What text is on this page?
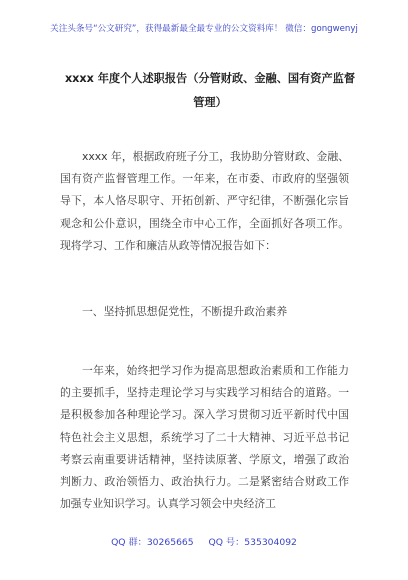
关注头条号“公文研究”，获得最新最全最专业的公文资料库！ 微信：gongwenyj
xxxx 年度个人述职报告（分管财政、金融、国有资产监督管理）
xxxx 年，根据政府班子分工，我协助分管财政、金融、国有资产监督管理工作。一年来，在市委、市政府的坚强领导下，本人恪尽职守、开拓创新、严守纪律，不断强化宗旨观念和公仆意识，围绕全市中心工作，全面抓好各项工作。现将学习、工作和廉洁从政等情况报告如下：
一、坚持抓思想促党性，不断提升政治素养
一年来，始终把学习作为提高思想政治素质和工作能力的主要抓手，坚持走理论学习与实践学习相结合的道路。一是积极参加各种理论学习。深入学习贯彻习近平新时代中国特色社会主义思想，系统学习了二十大精神、习近平总书记考察云南重要讲话精神，坚持读原著、学原文，增强了政治判断力、政治领悟力、政治执行力。二是紧密结合财政工作加强专业知识学习。认真学习领会中央经济工
QQ 群：30265665 QQ 号：535304092
